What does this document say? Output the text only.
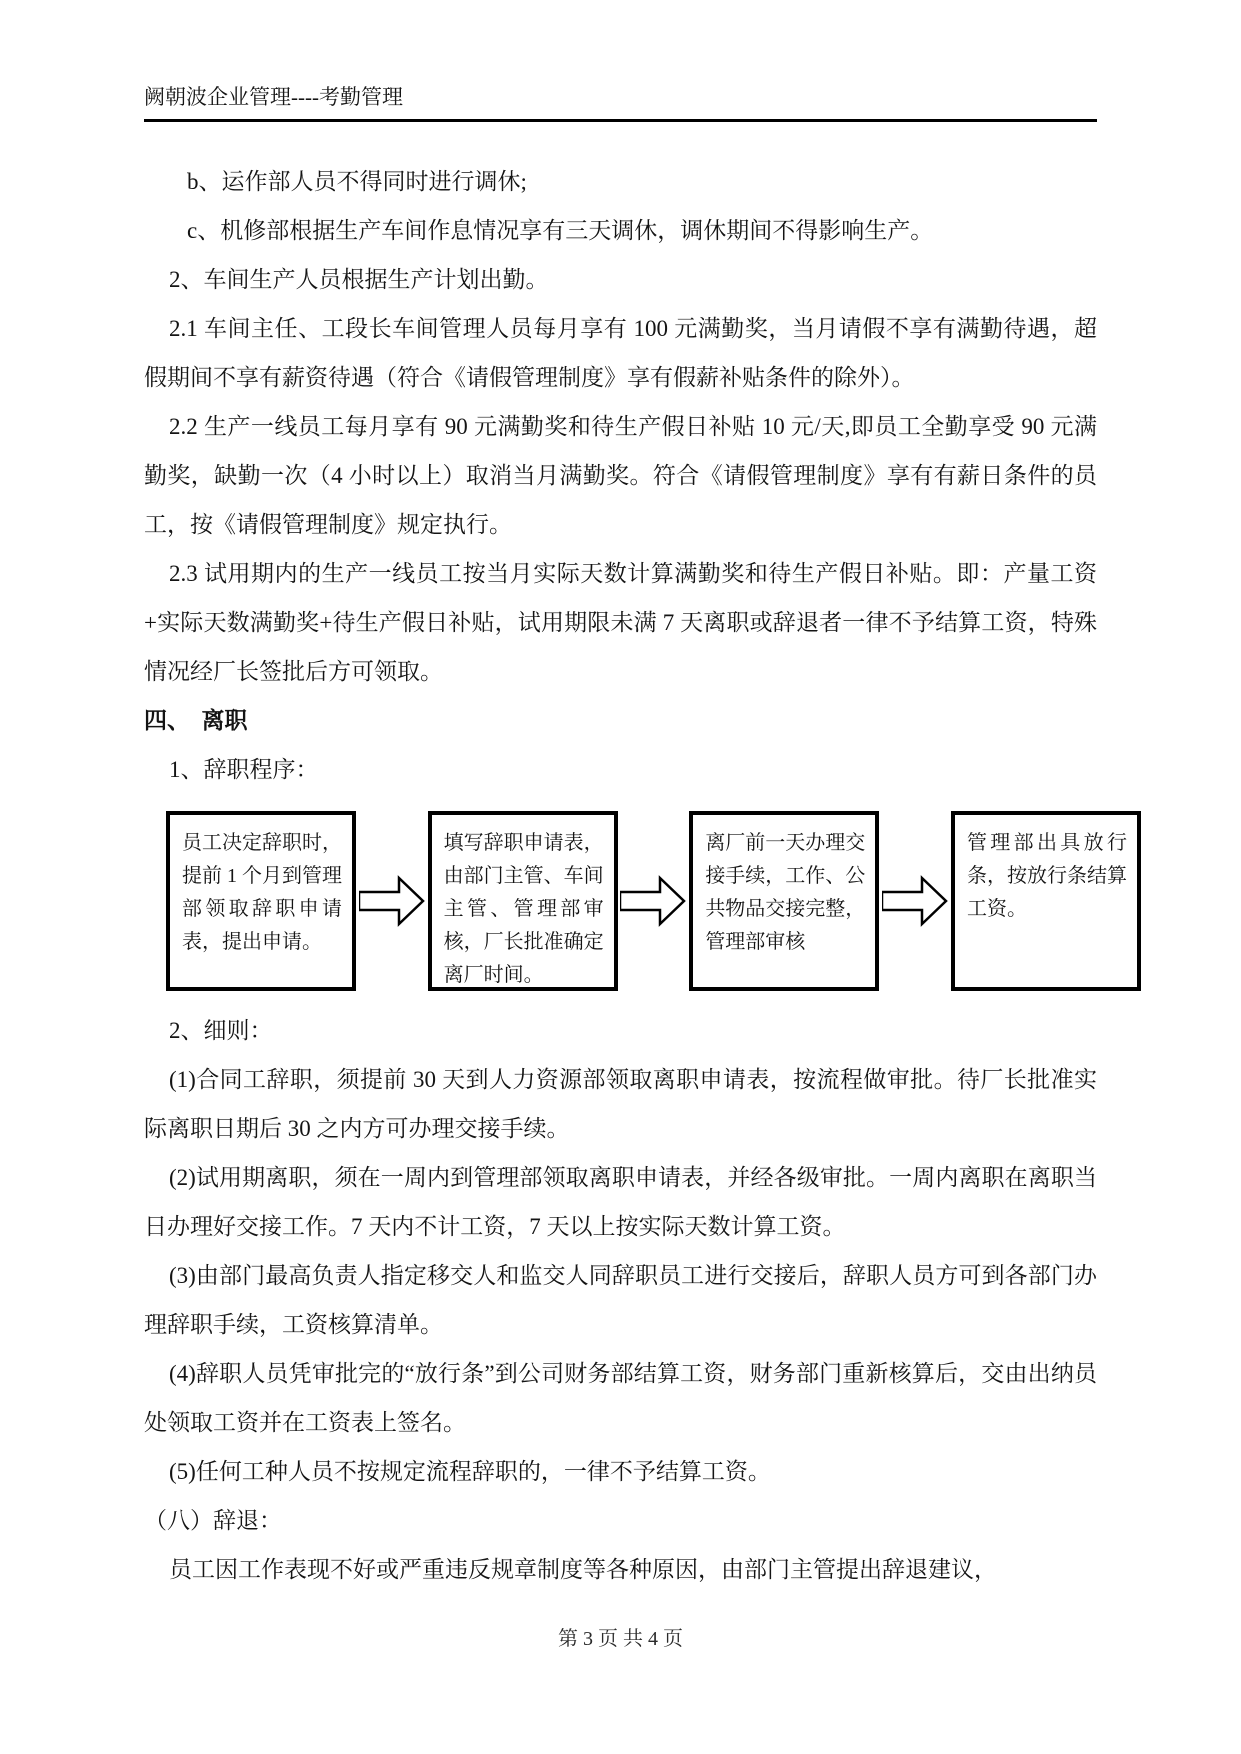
阙朝波企业管理----考勤管理

b、运作部人员不得同时进行调休;

c、机修部根据生产车间作息情况享有三天调休，调休期间不得影响生产。

2、车间生产人员根据生产计划出勤。

2.1 车间主任、工段长车间管理人员每月享有 100 元满勤奖，当月请假不享有满勤待遇，超假期间不享有薪资待遇（符合《请假管理制度》享有假薪补贴条件的除外）。

2.2 生产一线员工每月享有 90 元满勤奖和待生产假日补贴 10 元/天,即员工全勤享受 90 元满勤奖，缺勤一次（4 小时以上）取消当月满勤奖。符合《请假管理制度》享有有薪日条件的员工，按《请假管理制度》规定执行。

2.3 试用期内的生产一线员工按当月实际天数计算满勤奖和待生产假日补贴。即：产量工资+实际天数满勤奖+待生产假日补贴，试用期限未满 7 天离职或辞退者一律不予结算工资，特殊情况经厂长签批后方可领取。

四、　离职

1、辞职程序：

员工决定辞职时，提前 1 个月到管理部领取辞职申请表，提出申请。
填写辞职申请表，由部门主管、车间主管、管理部审核，厂长批准确定离厂时间。
离厂前一天办理交接手续，工作、公共物品交接完整，管理部审核
管理部出具放行条，按放行条结算工资。

2、细则：

(1)合同工辞职，须提前 30 天到人力资源部领取离职申请表，按流程做审批。待厂长批准实际离职日期后 30 之内方可办理交接手续。

(2)试用期离职，须在一周内到管理部领取离职申请表，并经各级审批。一周内离职在离职当日办理好交接工作。7 天内不计工资，7 天以上按实际天数计算工资。

(3)由部门最高负责人指定移交人和监交人同辞职员工进行交接后，辞职人员方可到各部门办理辞职手续，工资核算清单。

(4)辞职人员凭审批完的“放行条”到公司财务部结算工资，财务部门重新核算后，交由出纳员处领取工资并在工资表上签名。

(5)任何工种人员不按规定流程辞职的，一律不予结算工资。

（八）辞退：

员工因工作表现不好或严重违反规章制度等各种原因，由部门主管提出辞退建议，

第 3 页 共 4 页
